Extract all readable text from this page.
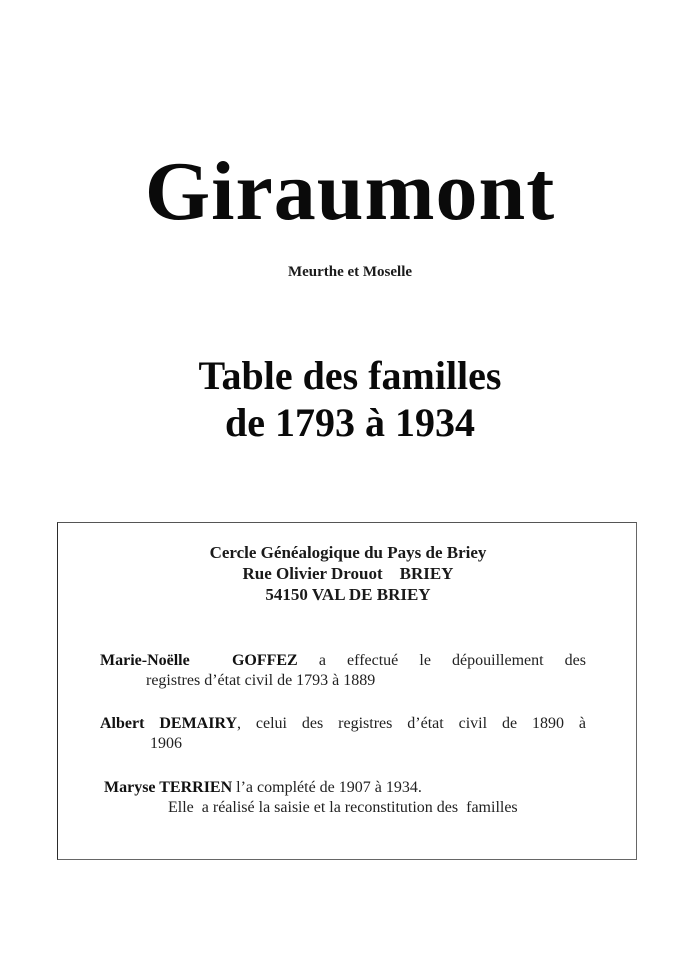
Giraumont

Meurthe et Moselle

Table des familles
de 1793 à 1934
Cercle Généalogique du Pays de Briey
Rue Olivier Drouot    BRIEY
54150 VAL DE BRIEY
Marie-Noëlle  GOFFEZ a effectué le dépouillement des
registres d’état civil de 1793 à 1889
Albert DEMAIRY, celui des registres d’état civil de 1890 à
1906
Maryse TERRIEN l’a complété de 1907 à 1934.
Elle  a réalisé la saisie et la reconstitution des  familles
